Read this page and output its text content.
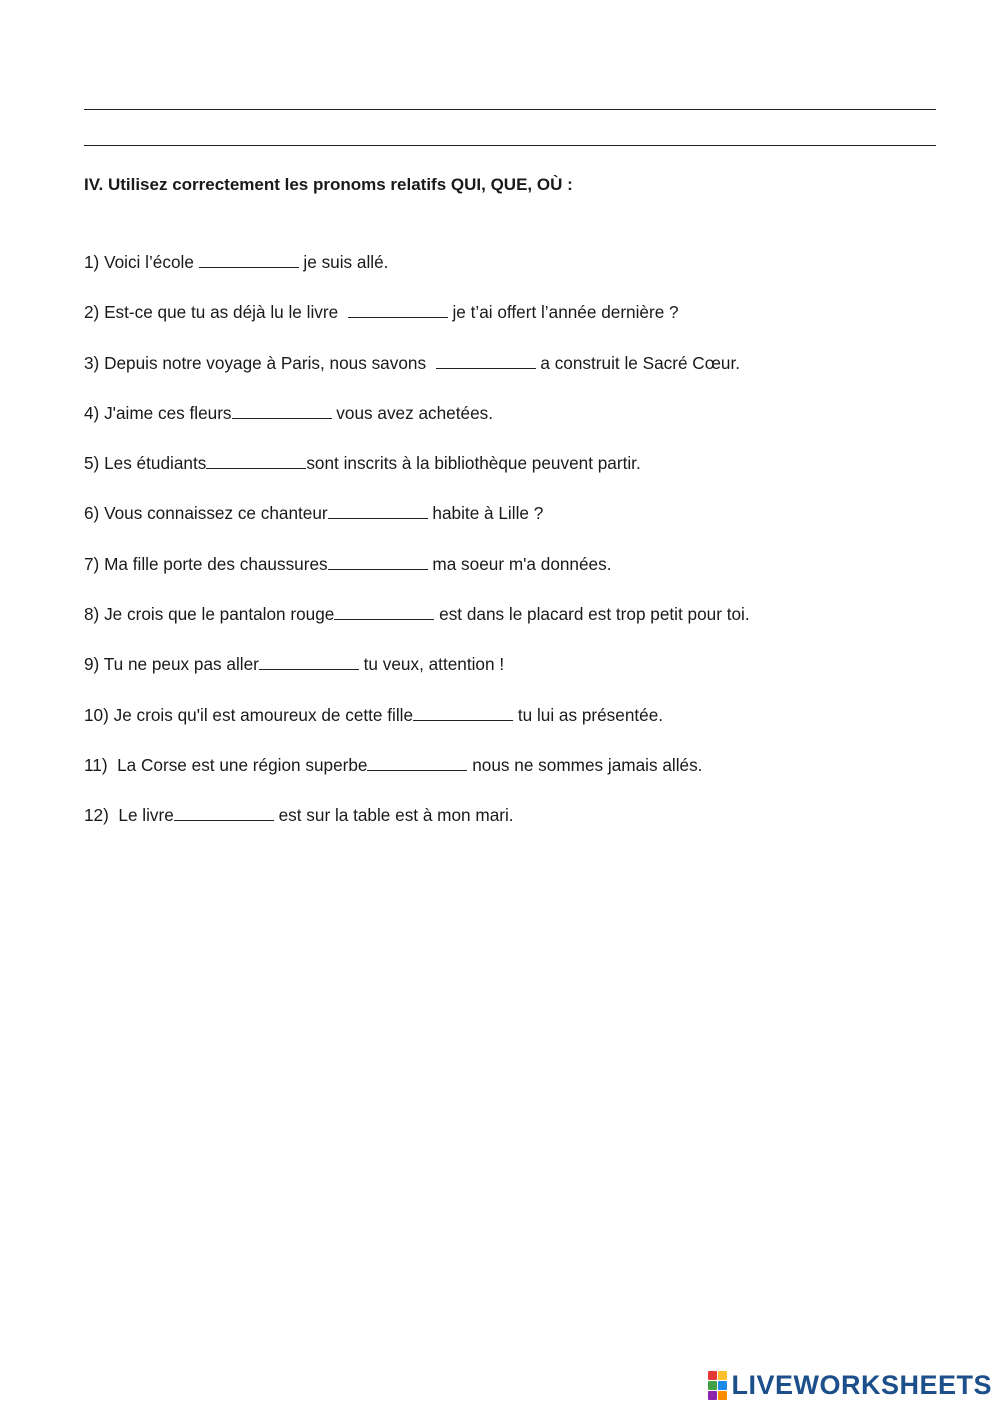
IV. Utilisez correctement les pronoms relatifs QUI, QUE, OÙ :
1) Voici l’école	je suis allé.
2) Est-ce que tu as déjà lu le livre	je t’ai offert l’année dernière ?
3) Depuis notre voyage à Paris, nous savons	a construit le Sacré Cœur.
4) J'aime ces fleurs	vous avez achetées.
5) Les étudiants	sont inscrits à la bibliothèque peuvent partir.
6) Vous connaissez ce chanteur	habite à Lille ?
7) Ma fille porte des chaussures	ma soeur m'a données.
8) Je crois que le pantalon rouge	est dans le placard est trop petit pour toi.
9) Tu ne peux pas aller	tu veux, attention !
10) Je crois qu'il est amoureux de cette fille	tu lui as présentée.
11)  La Corse est une région superbe	nous ne sommes jamais allés.
12)  Le livre	est sur la table est à mon mari.
LIVEWORKSHEETS
